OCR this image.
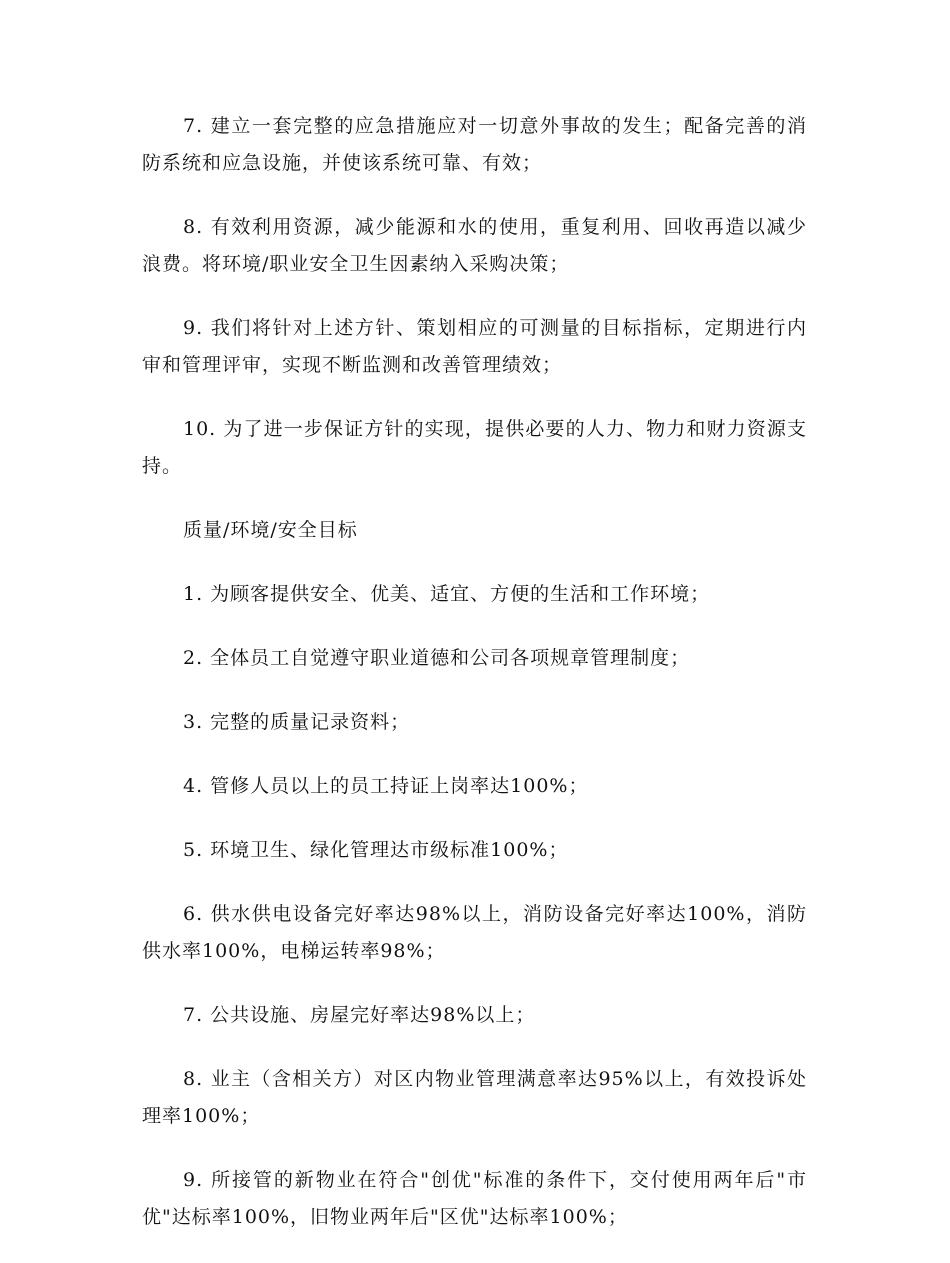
7. 建立一套完整的应急措施应对一切意外事故的发生；配备完善的消防系统和应急设施，并使该系统可靠、有效；

8. 有效利用资源，减少能源和水的使用，重复利用、回收再造以减少浪费。将环境/职业安全卫生因素纳入采购决策；

9. 我们将针对上述方针、策划相应的可测量的目标指标，定期进行内审和管理评审，实现不断监测和改善管理绩效；

10. 为了进一步保证方针的实现，提供必要的人力、物力和财力资源支持。

质量/环境/安全目标

1. 为顾客提供安全、优美、适宜、方便的生活和工作环境；

2. 全体员工自觉遵守职业道德和公司各项规章管理制度；

3. 完整的质量记录资料；

4. 管修人员以上的员工持证上岗率达100%；

5. 环境卫生、绿化管理达市级标准100%；

6. 供水供电设备完好率达98%以上，消防设备完好率达100%，消防供水率100%，电梯运转率98%；

7. 公共设施、房屋完好率达98%以上；

8. 业主（含相关方）对区内物业管理满意率达95%以上，有效投诉处理率100%；

9. 所接管的新物业在符合"创优"标准的条件下，交付使用两年后"市优"达标率100%，旧物业两年后"区优"达标率100%；
